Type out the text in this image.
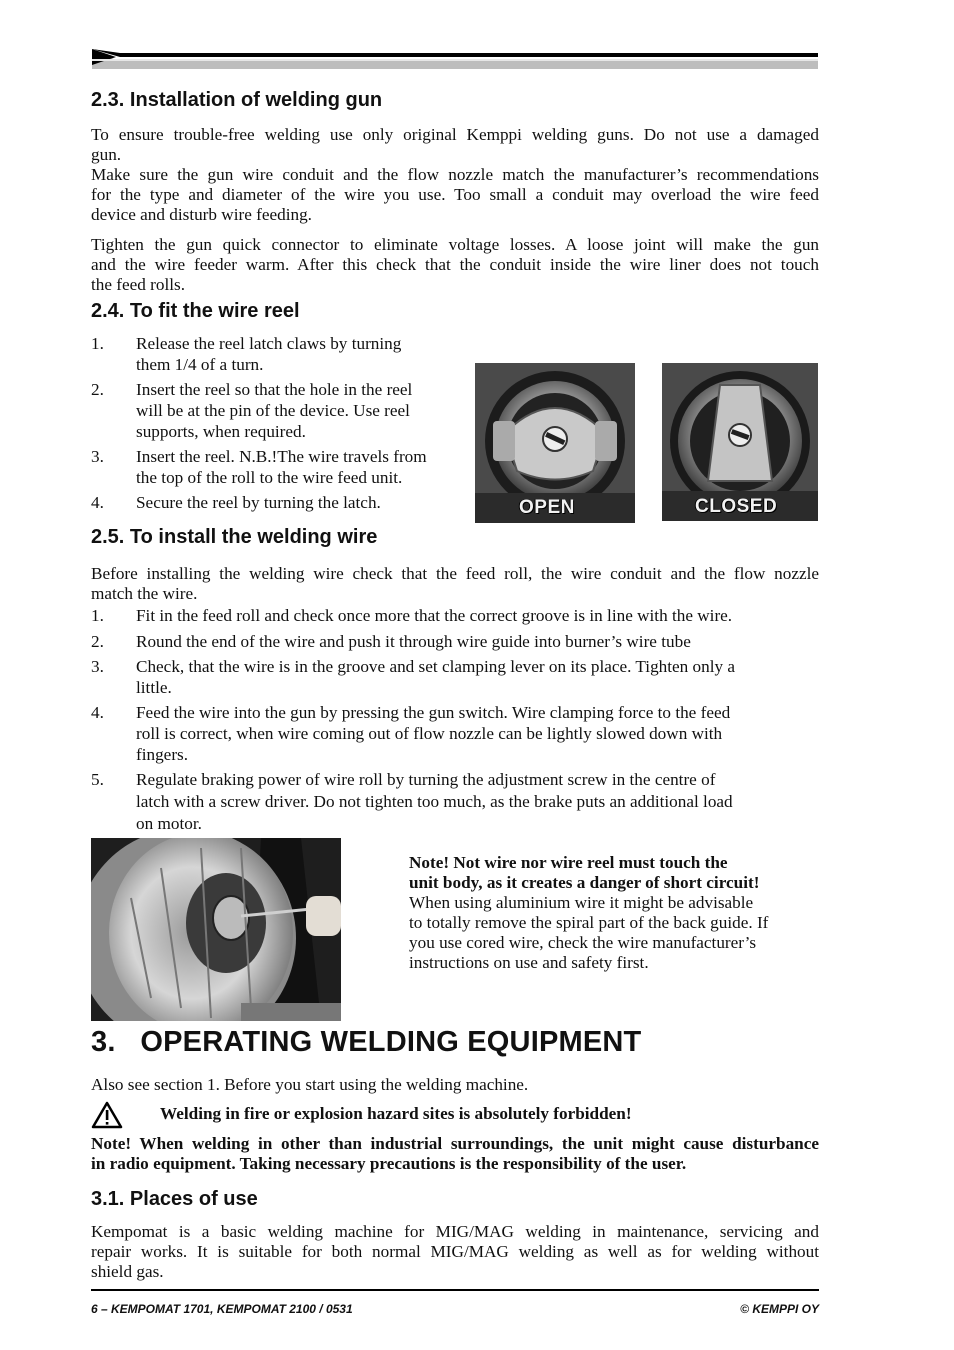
2.3. Installation of welding gun
To ensure trouble-free welding use only original Kemppi welding guns. Do not use a damaged
gun.
Make sure the gun wire conduit and the flow nozzle match the manufacturer’s recommendations
for the type and diameter of the wire you use. Too small a conduit may overload the wire feed
device and disturb wire feeding.
Tighten the gun quick connector to eliminate voltage losses. A loose joint will make the gun
and the wire feeder warm. After this check that the conduit inside the wire liner does not touch
the feed rolls.
2.4. To fit the wire reel
1. Release the reel latch claws by turning
them 1/4 of a turn.
2. Insert the reel so that the hole in the reel
will be at the pin of the device. Use reel
supports, when required.
3. Insert the reel. N.B.!The wire travels from
the top of the roll to the wire feed unit.
4. Secure the reel by turning the latch.	OPEN	CLOSED
2.5. To install the welding wire
Before installing the welding wire check that the feed roll, the wire conduit and the flow nozzle
match the wire.
1. Fit in the feed roll and check once more that the correct groove is in line with the wire.
2. Round the end of the wire and push it through wire guide into burner’s wire tube
3. Check, that the wire is in the groove and set clamping lever on its place. Tighten only a
little.
4. Feed the wire into the gun by pressing the gun switch. Wire clamping force to the feed
roll is correct, when wire coming out of flow nozzle can be lightly slowed down with
fingers.
5. Regulate braking power of wire roll by turning the adjustment screw in the centre of
latch with a screw driver. Do not tighten too much, as the brake puts an additional load
on motor.
Note! Not wire nor wire reel must touch the
unit body, as it creates a danger of short circuit!
When using aluminium wire it might be advisable
to totally remove the spiral part of the back guide. If
you use cored wire, check the wire manufacturer’s
instructions on use and safety first.
3.   OPERATING WELDING EQUIPMENT
Also see section 1. Before you start using the welding machine.
Welding in fire or explosion hazard sites is absolutely forbidden!
Note! When welding in other than industrial surroundings, the unit might cause disturbance
in radio equipment. Taking necessary precautions is the responsibility of the user.
3.1. Places of use
Kempomat is a basic welding machine for MIG/MAG welding in maintenance, servicing and
repair works. It is suitable for both normal MIG/MAG welding as well as for welding without
shield gas.
6 – KEMPOMAT 1701, KEMPOMAT 2100 / 0531	© KEMPPI OY
